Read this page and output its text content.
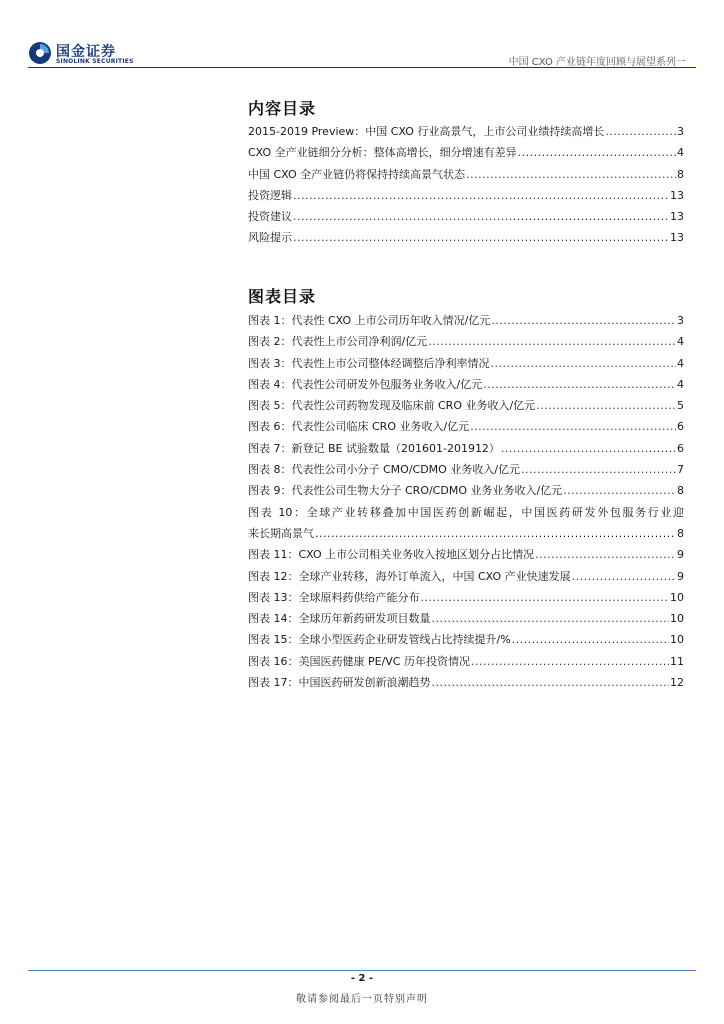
国金证券
SINOLINK SECURITIES	中国 CXO 产业链年度回顾与展望系列一
内容目录
2015-2019 Preview：中国 CXO 行业高景气，上市公司业绩持续高增长 .....	3
CXO 全产业链细分分析：整体高增长，细分增速有差异 .....	4
中国 CXO 全产业链仍将保持持续高景气状态 .....	8
投资逻辑 .....	13
投资建议 .....	13
风险提示 .....	13
图表目录
图表 1：代表性 CXO 上市公司历年收入情况/亿元 .....	3
图表 2：代表性上市公司净利润/亿元 .....	4
图表 3：代表性上市公司整体经调整后净利率情况 .....	4
图表 4：代表性公司研发外包服务业务收入/亿元 .....	4
图表 5：代表性公司药物发现及临床前 CRO 业务收入/亿元 .....	5
图表 6：代表性公司临床 CRO 业务收入/亿元 .....	6
图表 7：新登记 BE 试验数量（201601-201912） .....	6
图表 8：代表性公司小分子 CMO/CDMO 业务收入/亿元 .....	7
图表 9：代表性公司生物大分子 CRO/CDMO 业务业务收入/亿元 .....	8
图表 10：全球产业转移叠加中国医药创新崛起，中国医药研发外包服务行业迎
来长期高景气 .....	8
图表 11：CXO 上市公司相关业务收入按地区划分占比情况 .....	9
图表 12：全球产业转移，海外订单流入，中国 CXO 产业快速发展 .....	9
图表 13：全球原料药供给产能分布 .....	10
图表 14：全球历年新药研发项目数量 .....	10
图表 15：全球小型医药企业研发管线占比持续提升/% .....	10
图表 16：美国医药健康 PE/VC 历年投资情况 .....	11
图表 17：中国医药研发创新浪潮趋势 .....	12
- 2 -
敬请参阅最后一页特别声明
